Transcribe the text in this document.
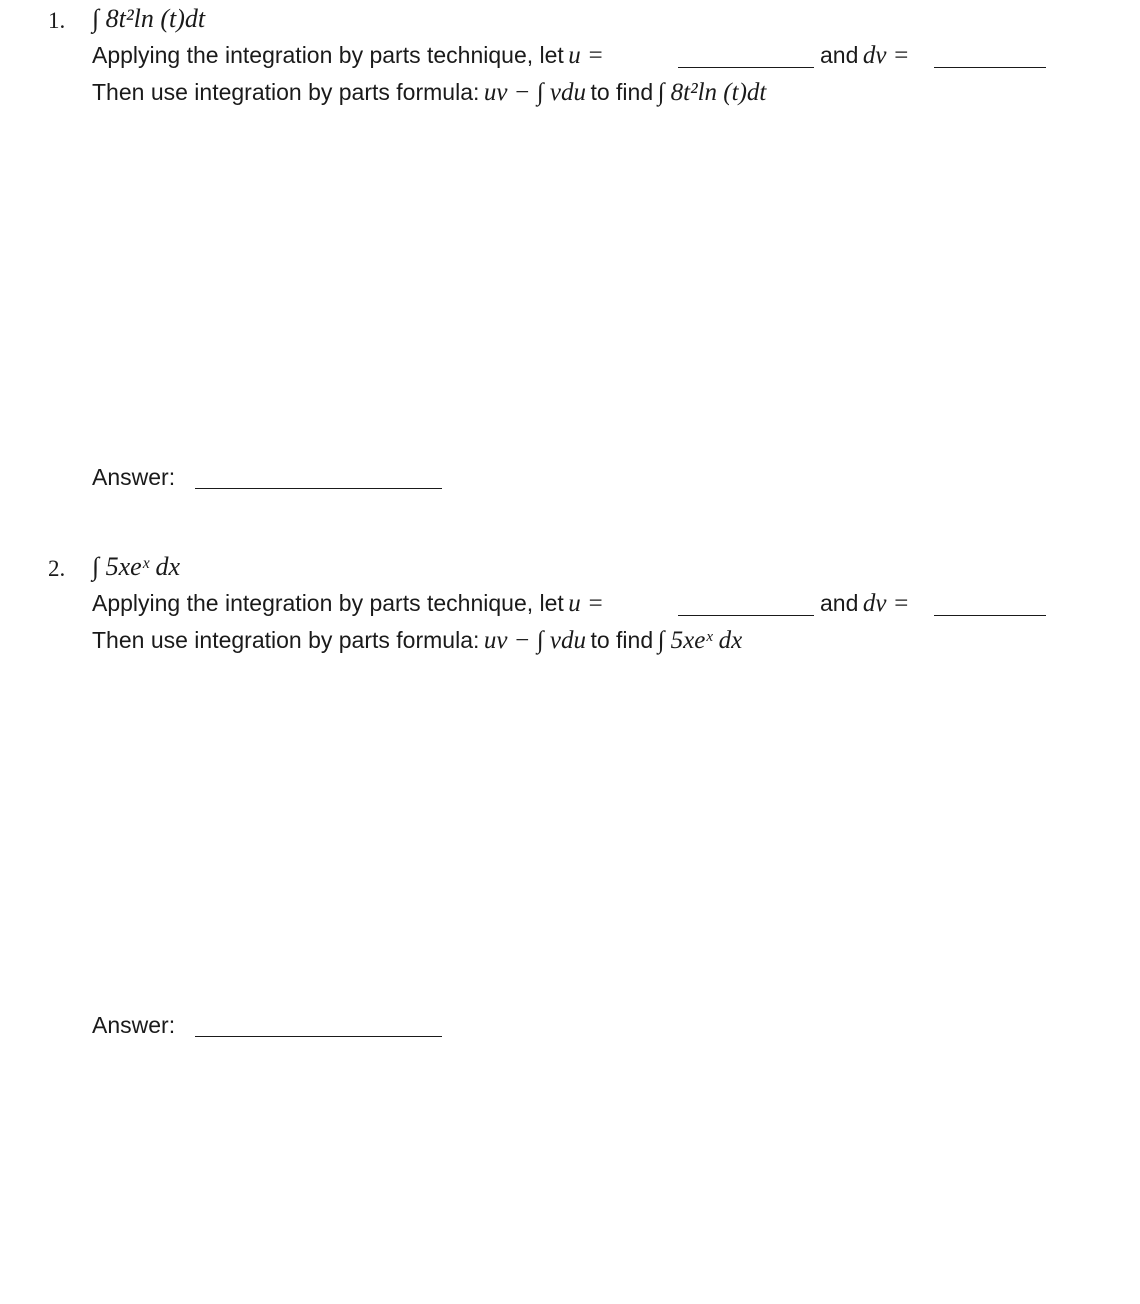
1. ∫ 8t²ln (t)dt
Applying the integration by parts technique, let u =	and dv =
Then use integration by parts formula: uv − ∫ vdu to find ∫ 8t²ln (t)dt
Answer:
2. ∫ 5xeˣ dx
Applying the integration by parts technique, let u =	and dv =
Then use integration by parts formula: uv − ∫ vdu to find ∫ 5xeˣ dx
Answer:
